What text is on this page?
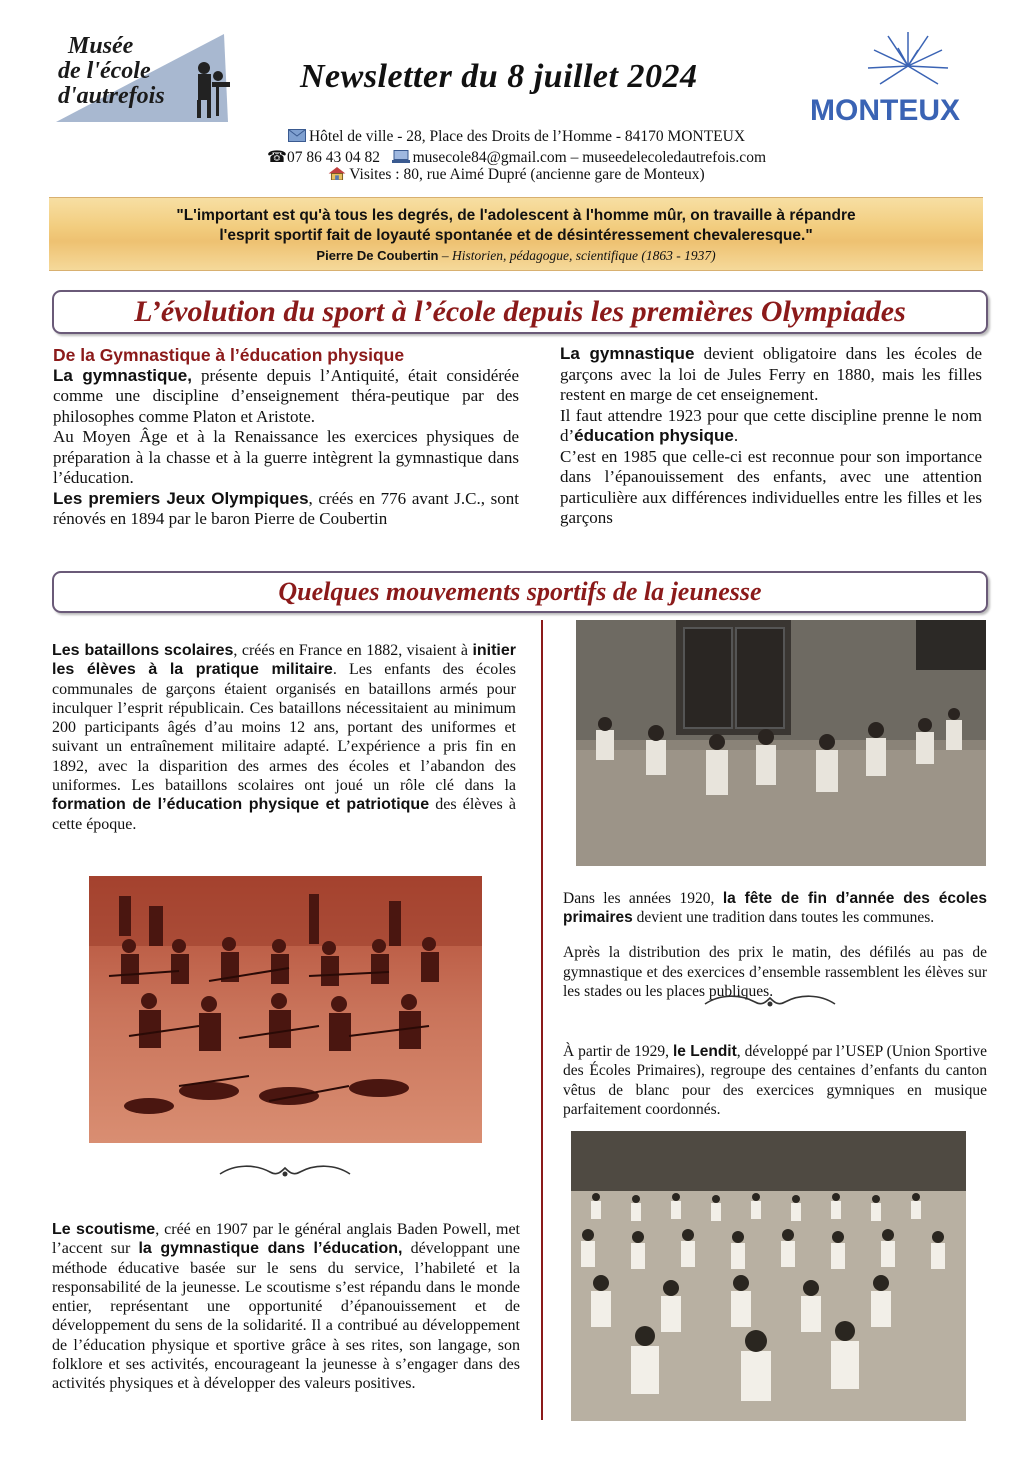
Musée
de l'école
d'autrefois
Newsletter du 8 juillet 2024
MONTEUX
Hôtel de ville - 28, Place des Droits de l’Homme - 84170 MONTEUX
☎07 86 43 04 82 musecole84@gmail.com – museedelecoledautrefois.com
Visites : 80, rue Aimé Dupré (ancienne gare de Monteux)
"L'important est qu'à tous les degrés, de l'adolescent à l'homme mûr, on travaille à répandre
l'esprit sportif fait de loyauté spontanée et de désintéressement chevaleresque."
Pierre De Coubertin – Historien, pédagogue, scientifique (1863 - 1937)
L’évolution du sport à l’école depuis les premières Olympiades
De la Gymnastique à l’éducation physique

La gymnastique, présente depuis l’Antiquité, était considérée comme une discipline d’enseignement théra-peutique par des philosophes comme Platon et Aristote.

Au Moyen Âge et à la Renaissance les exercices physiques de préparation à la chasse et à la guerre intègrent la gymnastique dans l’éducation.

Les premiers Jeux Olympiques, créés en 776 avant J.C., sont rénovés en 1894 par le baron Pierre de Coubertin

La gymnastique devient obligatoire dans les écoles de garçons avec la loi de Jules Ferry en 1880, mais les filles restent en marge de cet enseignement.

Il faut attendre 1923 pour que cette discipline prenne le nom d’éducation physique.

C’est en 1985 que celle-ci est reconnue pour son importance dans l’épanouissement des enfants, avec une attention particulière aux différences individuelles entre les filles et les garçons

Quelques mouvements sportifs de la jeunesse

Les bataillons scolaires, créés en France en 1882, visaient à initier les élèves à la pratique militaire. Les enfants des écoles communales de garçons étaient organisés en bataillons armés pour inculquer l’esprit républicain. Ces bataillons nécessitaient au minimum 200 participants âgés d’au moins 12 ans, portant des uniformes et suivant un entraînement militaire adapté. L’expérience a pris fin en 1892, avec la disparition des armes des écoles et l’abandon des uniformes. Les bataillons scolaires ont joué un rôle clé dans la formation de l’éducation physique et patriotique des élèves à cette époque.

Le scoutisme, créé en 1907 par le général anglais Baden Powell, met l’accent sur la gymnastique dans l’éducation, développant une méthode éducative basée sur le sens du service, l’habileté et la responsabilité de la jeunesse. Le scoutisme s’est répandu dans le monde entier, représentant une opportunité d’épanouissement et de développement du sens de la solidarité. Il a contribué au développement de l’éducation physique et sportive grâce à ses rites, son langage, son folklore et ses activités, encourageant la jeunesse à s’engager dans des activités physiques et à développer des valeurs positives.

Dans les années 1920, la fête de fin d’année des écoles primaires devient une tradition dans toutes les communes.

Après la distribution des prix le matin, des défilés au pas de gymnastique et des exercices d’ensemble rassemblent les élèves sur les stades ou les places publiques.

À partir de 1929, le Lendit, développé par l’USEP (Union Sportive des Écoles Primaires), regroupe des centaines d’enfants du canton vêtus de blanc pour des exercices gymniques en musique parfaitement coordonnés.
